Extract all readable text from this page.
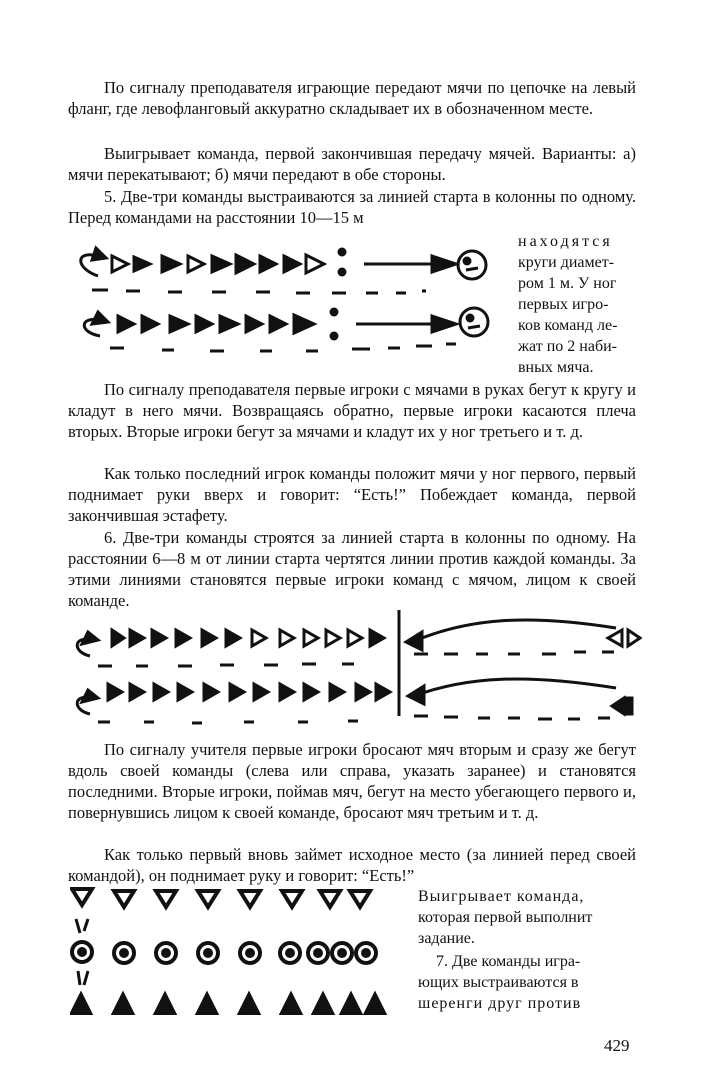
По сигналу преподавателя играющие передают мячи по цепочке на левый фланг, где левофланговый аккуратно складывает их в обозначенном месте.

Выигрывает команда, первой закончившая передачу мячей. Варианты: а) мячи перекатывают; б) мячи передают в обе стороны.

5. Две-три команды выстраиваются за линией старта в колонны по одному. Перед командами на расстоянии 10—15 м

находятся
круги диамет-
ром 1 м. У ног
первых игро-
ков команд ле-
жат по 2 наби-
вных мяча.

По сигналу преподавателя первые игроки с мячами в руках бегут к кругу и кладут в него мячи. Возвращаясь обратно, первые игроки касаются плеча вторых. Вторые игроки бегут за мячами и кладут их у ног третьего и т. д.

Как только последний игрок команды положит мячи у ног первого, первый поднимает руки вверх и говорит: “Есть!” Побеждает команда, первой закончившая эстафету.

6. Две-три команды строятся за линией старта в колонны по одному. На расстоянии 6—8 м от линии старта чертятся линии против каждой команды. За этими линиями становятся первые игроки команд с мячом, лицом к своей команде.

По сигналу учителя первые игроки бросают мяч вторым и сразу же бегут вдоль своей команды (слева или справа, указать заранее) и становятся последними. Вторые игроки, поймав мяч, бегут на место убегающего первого и, повернувшись лицом к своей команде, бросают мяч третьим и т. д.

Как только первый вновь займет исходное место (за линией перед своей командой), он поднимает руку и говорит: “Есть!”

Выигрывает команда,
которая первой выполнит
задание.
7. Две команды игра-
ющих выстраиваются в
шеренги друг против
429
